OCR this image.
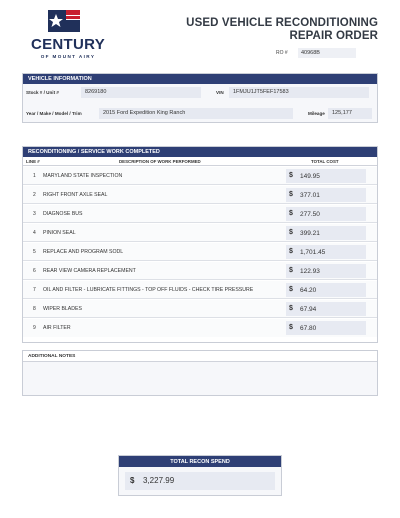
CENTURY
OF MOUNT AIRY
USED VEHICLE RECONDITIONING
REPAIR ORDER
RO #	40968B
VEHICLE INFORMATION
Stock # / Unit #	8269180	VIN	1FMJU1JT5FEF17583
Year / Make / Model / Trim	2015 Ford Expedition King Ranch	Mileage	125,177
RECONDITIONING / SERVICE WORK COMPLETED
LINE #	DESCRIPTION OF WORK PERFORMED	TOTAL COST
1 MARYLAND STATE INSPECTION	$ 149.95
2 RIGHT FRONT AXLE SEAL	$ 377.01
3 DIAGNOSE BUS	$ 277.50
4 PINION SEAL	$ 399.21
5 REPLACE AND PROGRAM SODL	$ 1,701.45
6 REAR VIEW CAMERA REPLACEMENT	$ 122.93
7 OIL AND FILTER - LUBRICATE FITTINGS - TOP OFF FLUIDS - CHECK TIRE PRESSURE	$ 64.20
8 WIPER BLADES	$ 67.94
9 AIR FILTER	$ 67.80
ADDITIONAL NOTES
TOTAL RECON SPEND
$ 3,227.99
